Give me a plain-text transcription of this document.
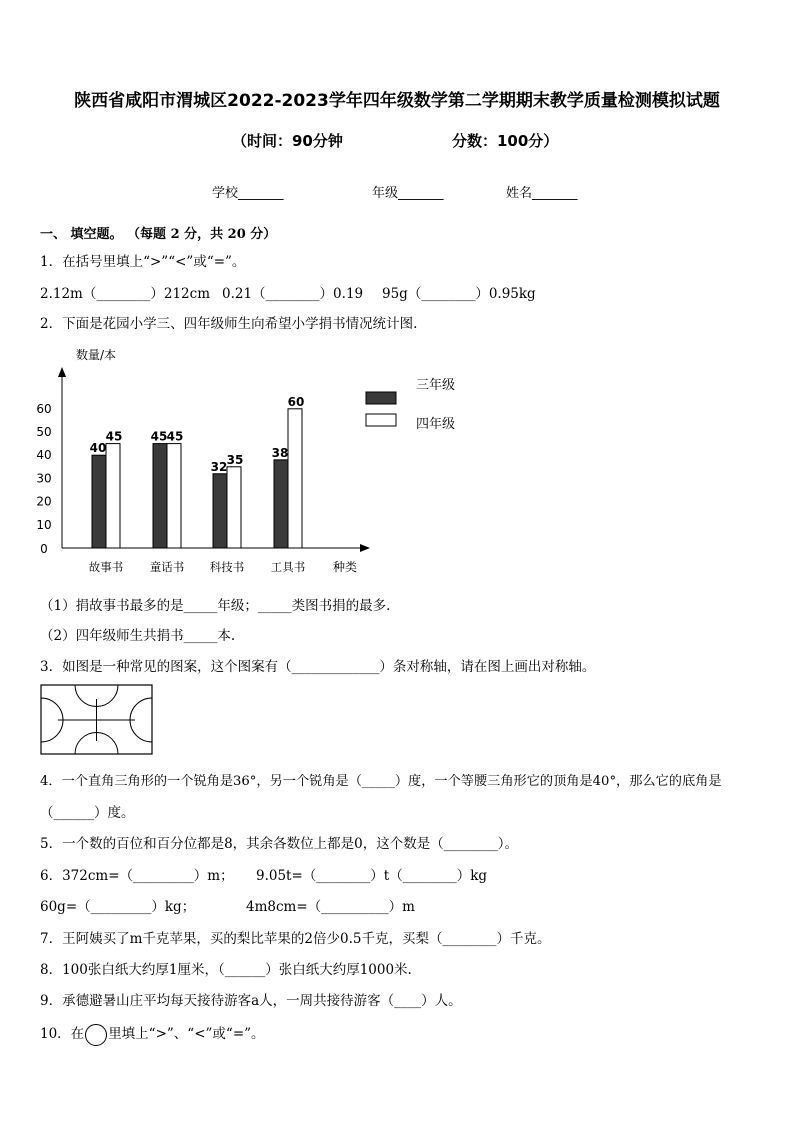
陕西省咸阳市渭城区2022-2023学年四年级数学第二学期期末教学质量检测模拟试题
（时间：90分钟	分数：100分）
学校_______	年级_______	姓名_______
一、 填空题。 （每题 2 分，共 20 分）
1．在括号里填上“>”“<”或“=”。
2.12m（________）212cm 0.21（________）0.19 95g（________）0.95kg
2．下面是花园小学三、四年级师生向希望小学捐书情况统计图.
数量/本
0
10
20
30
40
50
60
40
45
故事书
45 45
童话书
32 35
科技书
38
60
工具书 种类
三年级
四年级
（1）捐故事书最多的是_____年级；_____类图书捐的最多.
（2）四年级师生共捐书_____本.
3．如图是一种常见的图案，这个图案有（_____________）条对称轴，请在图上画出对称轴。
4．一个直角三角形的一个锐角是36°，另一个锐角是（_____）度，一个等腰三角形它的顶角是40°，那么它的底角是
（______）度。
5．一个数的百位和百分位都是8，其余各数位上都是0，这个数是（________）。
6．372cm=（_________）m； 9.05t=（________）t（________）kg
60g=（_________）kg；	4m8cm=（__________）m
7．王阿姨买了m千克苹果，买的梨比苹果的2倍少0.5千克，买梨（________）千克。
8．100张白纸大约厚1厘米，（______）张白纸大约厚1000米.
9．承德避暑山庄平均每天接待游客a人，一周共接待游客（____）人。
10．在 里填上“>”、“<”或“=”。
